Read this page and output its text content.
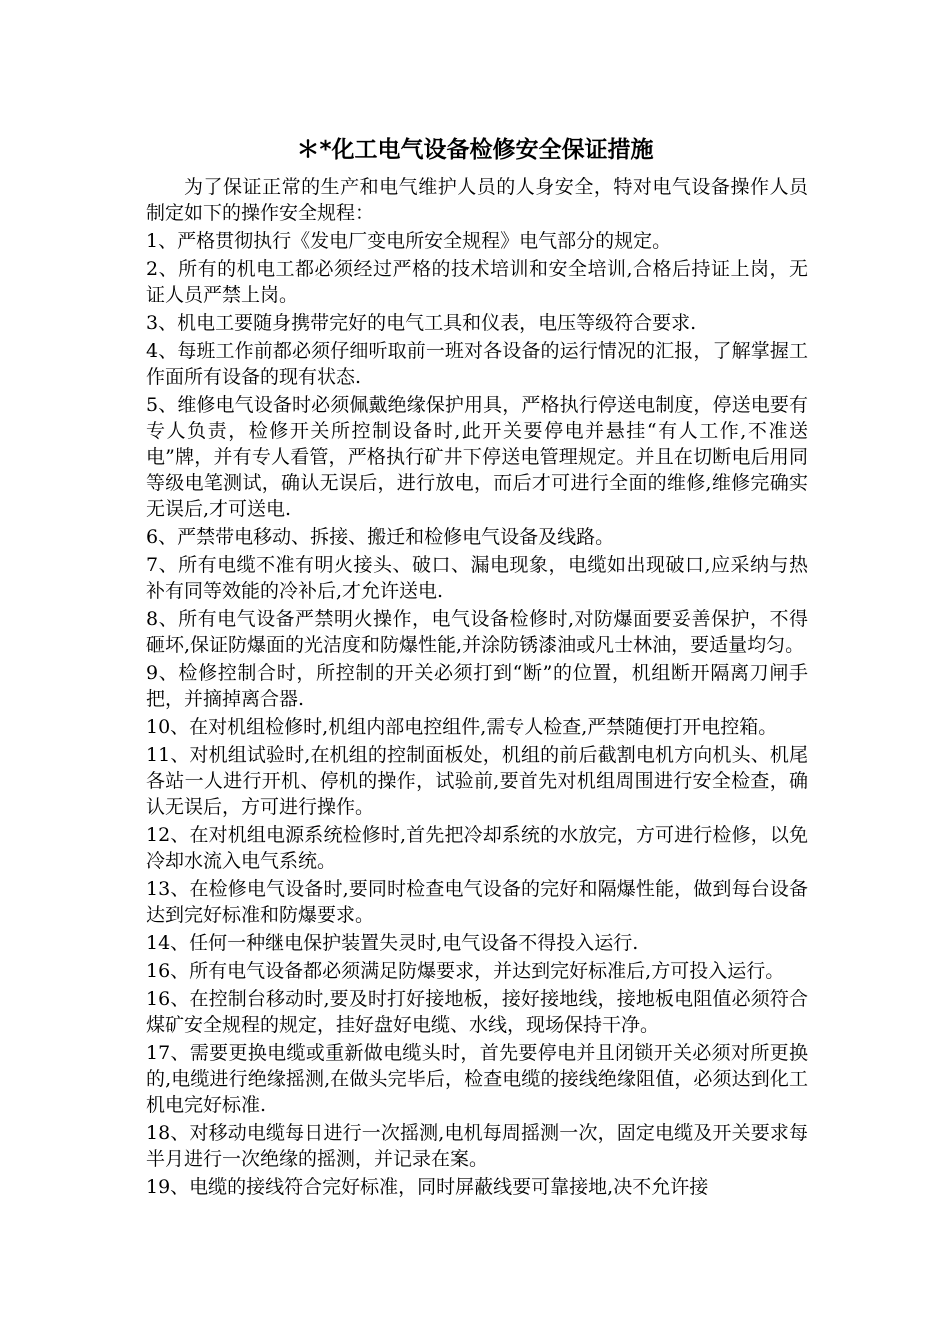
＊*化工电气设备检修安全保证措施

为了保证正常的生产和电气维护人员的人身安全，特对电气设备操作人员制定如下的操作安全规程：

1、严格贯彻执行《发电厂变电所安全规程》电气部分的规定。

2、所有的机电工都必须经过严格的技术培训和安全培训,合格后持证上岗，无证人员严禁上岗。

3、机电工要随身携带完好的电气工具和仪表，电压等级符合要求.

4、每班工作前都必须仔细听取前一班对各设备的运行情况的汇报，了解掌握工作面所有设备的现有状态.

5、维修电气设备时必须佩戴绝缘保护用具，严格执行停送电制度，停送电要有专人负责，检修开关所控制设备时,此开关要停电并悬挂“有人工作,不准送电”牌，并有专人看管，严格执行矿井下停送电管理规定。并且在切断电后用同等级电笔测试，确认无误后，进行放电，而后才可进行全面的维修,维修完确实无误后,才可送电.

6、严禁带电移动、拆接、搬迁和检修电气设备及线路。

7、所有电缆不准有明火接头、破口、漏电现象，电缆如出现破口,应采纳与热补有同等效能的冷补后,才允许送电.

8、所有电气设备严禁明火操作，电气设备检修时,对防爆面要妥善保护，不得砸坏,保证防爆面的光洁度和防爆性能,并涂防锈漆油或凡士林油，要适量均匀。

9、检修控制合时，所控制的开关必须打到“断”的位置，机组断开隔离刀闸手把，并摘掉离合器.

10、在对机组检修时,机组内部电控组件,需专人检查,严禁随便打开电控箱。

11、对机组试验时,在机组的控制面板处，机组的前后截割电机方向机头、机尾各站一人进行开机、停机的操作，试验前,要首先对机组周围进行安全检查，确认无误后，方可进行操作。

12、在对机组电源系统检修时,首先把冷却系统的水放完，方可进行检修，以免冷却水流入电气系统。

13、在检修电气设备时,要同时检查电气设备的完好和隔爆性能，做到每台设备达到完好标准和防爆要求。

14、任何一种继电保护装置失灵时,电气设备不得投入运行.

16、所有电气设备都必须满足防爆要求，并达到完好标准后,方可投入运行。

16、在控制台移动时,要及时打好接地板，接好接地线，接地板电阻值必须符合煤矿安全规程的规定，挂好盘好电缆、水线，现场保持干净。

17、需要更换电缆或重新做电缆头时，首先要停电并且闭锁开关必须对所更换的,电缆进行绝缘摇测,在做头完毕后，检查电缆的接线绝缘阻值，必须达到化工机电完好标准.

18、对移动电缆每日进行一次摇测,电机每周摇测一次，固定电缆及开关要求每半月进行一次绝缘的摇测，并记录在案。

19、电缆的接线符合完好标准，同时屏蔽线要可靠接地,决不允许接
